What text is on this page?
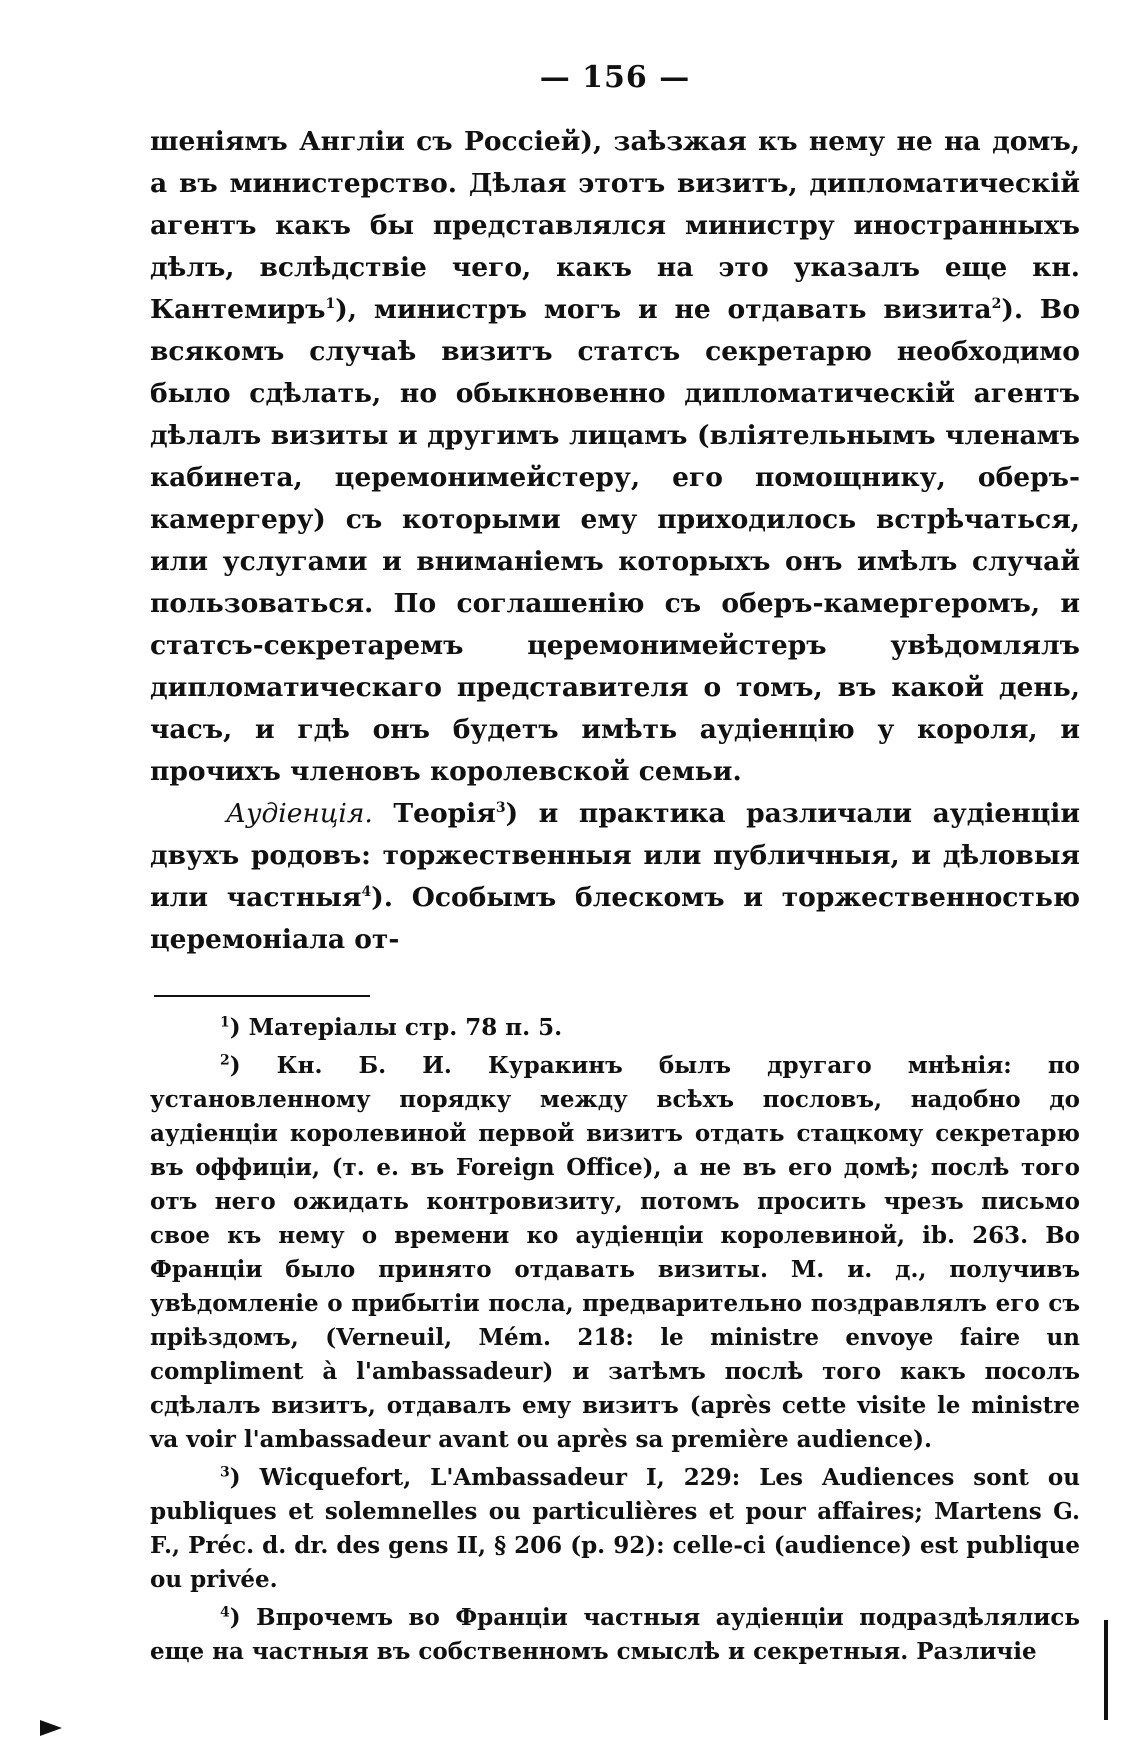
— 156 —

шеніямъ Англіи съ Россіей), заѣзжая къ нему не на домъ, а въ министерство. Дѣлая этотъ визитъ, дипломатическій агентъ какъ бы представлялся министру иностранныхъ дѣлъ, вслѣдствіе чего, какъ на это указалъ еще кн. Кантемиръ$^1$), министръ могъ и не отдавать визита$^2$). Во всякомъ случаѣ визитъ статсъ секретарю необходимо было сдѣлать, но обыкновенно дипломатическій агентъ дѣлалъ визиты и другимъ лицамъ (вліятельнымъ членамъ кабинета, церемонимейстеру, его помощнику, оберъ-камергеру) съ которыми ему приходилось встрѣчаться, или услугами и вниманіемъ которыхъ онъ имѣлъ случай пользоваться. По соглашенію съ оберъ-камергеромъ, и статсъ-секретаремъ церемонимейстеръ увѣдомлялъ дипломатическаго представителя о томъ, въ какой день, часъ, и гдѣ онъ будетъ имѣть аудіенцію у короля, и прочихъ членовъ королевской семьи.

Аудіенція. Теорія$^3$) и практика различали аудіенціи двухъ родовъ: торжественныя или публичныя, и дѣловыя или частныя$^4$). Особымъ блескомъ и торжественностью церемоніала от-

$^1$) Матеріалы стр. 78 п. 5.

$^2$) Кн. Б. И. Куракинъ былъ другаго мнѣнія: по установленному порядку между всѣхъ пословъ, надобно до аудіенціи королевиной первой визитъ отдать стацкому секретарю въ оффиціи, (т. е. въ Foreign Office), а не въ его домѣ; послѣ того отъ него ожидать контровизиту, потомъ просить чрезъ письмо свое къ нему о времени ко аудіенціи королевиной, ib. 263. Во Франціи было принято отдавать визиты. М. и. д., получивъ увѣдомленіе о прибытіи посла, предварительно поздравлялъ его съ пріѣздомъ, (Verneuil, Mém. 218: le ministre envoye faire un compliment à l'ambassadeur) и затѣмъ послѣ того какъ посолъ сдѣлалъ визитъ, отдавалъ ему визитъ (après cette visite le ministre va voir l'ambassadeur avant ou après sa première audience).

$^3$) Wicquefort, L'Ambassadeur I, 229: Les Audiences sont ou publiques et solemnelles ou particulières et pour affaires; Martens G. F., Préc. d. dr. des gens II, § 206 (p. 92): celle-ci (audience) est publique ou privée.

$^4$) Впрочемъ во Франціи частныя аудіенціи подраздѣлялись еще на частныя въ собственномъ смыслѣ и секретныя. Различіе
